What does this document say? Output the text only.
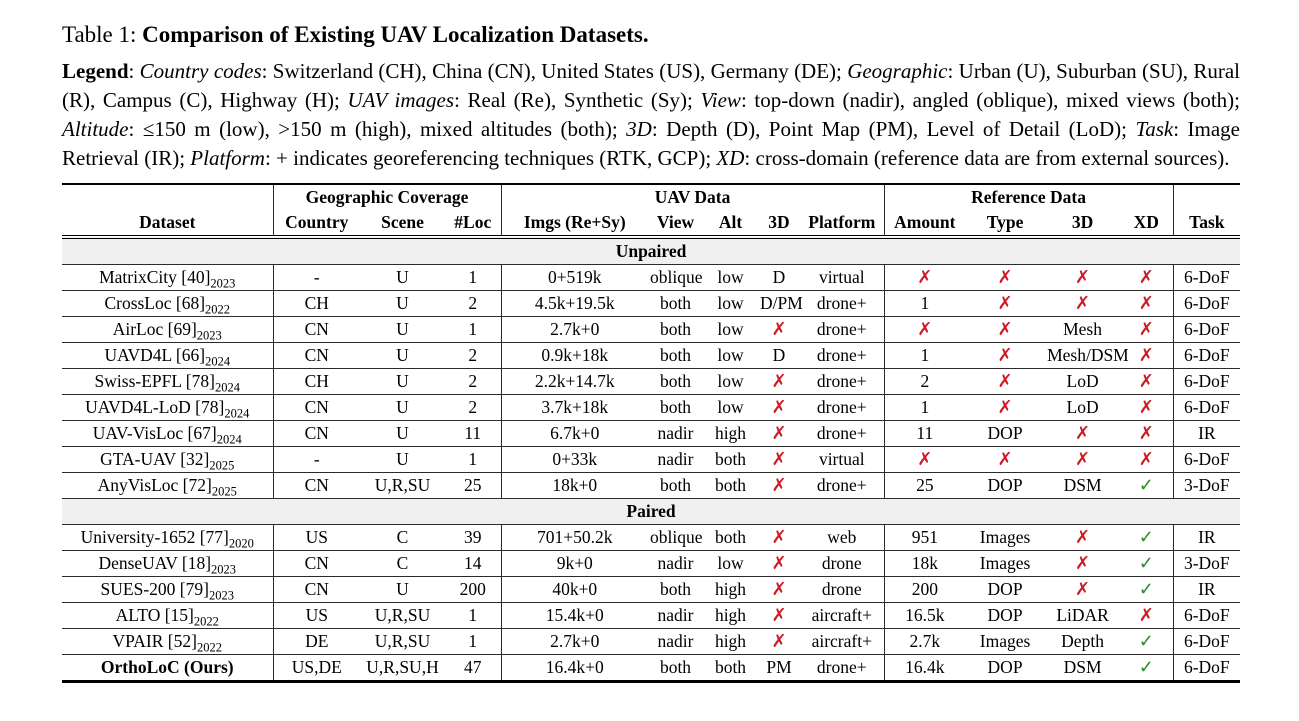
Table 1: Comparison of Existing UAV Localization Datasets.

Legend: Country codes: Switzerland (CH), China (CN), United States (US), Germany (DE); Geographic: Urban (U), Suburban (SU), Rural (R), Campus (C), Highway (H); UAV images: Real (Re), Synthetic (Sy); View: top-down (nadir), angled (oblique), mixed views (both); Altitude: ≤150 m (low), >150 m (high), mixed altitudes (both); 3D: Depth (D), Point Map (PM), Level of Detail (LoD); Task: Image Retrieval (IR); Platform: + indicates georeferencing techniques (RTK, GCP); XD: cross-domain (reference data are from external sources).

	Geographic Coverage			UAV Data					Reference Data				
Dataset	Country	Scene	#Loc	Imgs (Re+Sy)	View	Alt	3D	Platform	Amount	Type	3D	XD	Task
Unpaired													
MatrixCity $[40]_{2023}$	-	U	1	0+519k	oblique	low	D	virtual	✗	✗	✗	✗	6-DoF
CrossLoc $[68]_{2022}$	CH	U	2	4.5k+19.5k	both	low	D/PM	drone+	1	✗	✗	✗	6-DoF
AirLoc $[69]_{2023}$	CN	U	1	2.7k+0	both	low	✗	drone+	✗	✗	Mesh	✗	6-DoF
UAVD4L $[66]_{2024}$	CN	U	2	0.9k+18k	both	low	D	drone+	1	✗	Mesh/DSM	✗	6-DoF
Swiss-EPFL $[78]_{2024}$	CH	U	2	2.2k+14.7k	both	low	✗	drone+	2	✗	LoD	✗	6-DoF
UAVD4L-LoD $[78]_{2024}$	CN	U	2	3.7k+18k	both	low	✗	drone+	1	✗	LoD	✗	6-DoF
UAV-VisLoc $[67]_{2024}$	CN	U	11	6.7k+0	nadir	high	✗	drone+	11	DOP	✗	✗	IR
GTA-UAV $[32]_{2025}$	-	U	1	0+33k	nadir	both	✗	virtual	✗	✗	✗	✗	6-DoF
AnyVisLoc $[72]_{2025}$	CN	U,R,SU	25	18k+0	both	both	✗	drone+	25	DOP	DSM	✓	3-DoF
Paired													
University-1652 $[77]_{2020}$	US	C	39	701+50.2k	oblique	both	✗	web	951	Images	✗	✓	IR
DenseUAV $[18]_{2023}$	CN	C	14	9k+0	nadir	low	✗	drone	18k	Images	✗	✓	3-DoF
SUES-200 $[79]_{2023}$	CN	U	200	40k+0	both	high	✗	drone	200	DOP	✗	✓	IR
ALTO $[15]_{2022}$	US	U,R,SU	1	15.4k+0	nadir	high	✗	aircraft+	16.5k	DOP	LiDAR	✗	6-DoF
VPAIR $[52]_{2022}$	DE	U,R,SU	1	2.7k+0	nadir	high	✗	aircraft+	2.7k	Images	Depth	✓	6-DoF
OrthoLoC (Ours)	US,DE	U,R,SU,H	47	16.4k+0	both	both	PM	drone+	16.4k	DOP	DSM	✓	6-DoF
